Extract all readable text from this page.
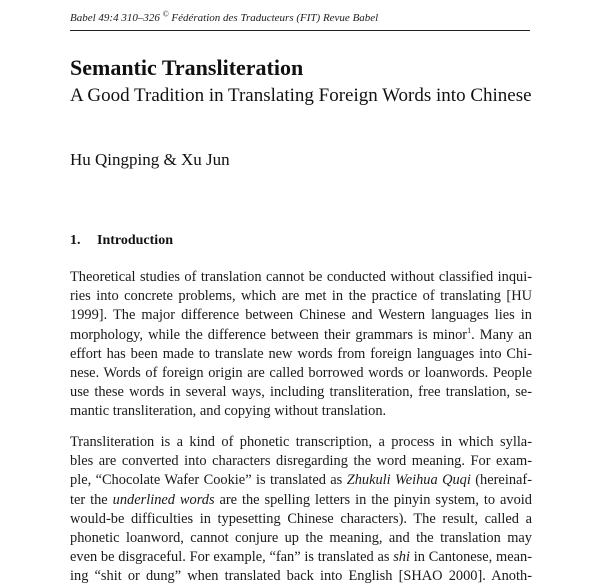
Babel 49:4 310–326 © Fédération des Traducteurs (FIT) Revue Babel
Semantic Transliteration
A Good Tradition in Translating Foreign Words into Chinese
Hu Qingping & Xu Jun
1. Introduction
Theoretical studies of translation cannot be conducted without classified inqui-
ries into concrete problems, which are met in the practice of translating [HU
1999]. The major difference between Chinese and Western languages lies in
morphology, while the difference between their grammars is minor$^1$. Many an
effort has been made to translate new words from foreign languages into Chi-
nese. Words of foreign origin are called borrowed words or loanwords. People
use these words in several ways, including transliteration, free translation, se-
mantic transliteration, and copying without translation.
Transliteration is a kind of phonetic transcription, a process in which sylla-
bles are converted into characters disregarding the word meaning. For exam-
ple, “Chocolate Wafer Cookie” is translated as Zhukuli Weihua Quqi (hereinaf-
ter the underlined words are the spelling letters in the pinyin system, to avoid
would-be difficulties in typesetting Chinese characters). The result, called a
phonetic loanword, cannot conjure up the meaning, and the translation may
even be disgraceful. For example, “fan” is translated as shi in Cantonese, mean-
ing “shit or dung” when translated back into English [SHAO 2000]. Anoth-
